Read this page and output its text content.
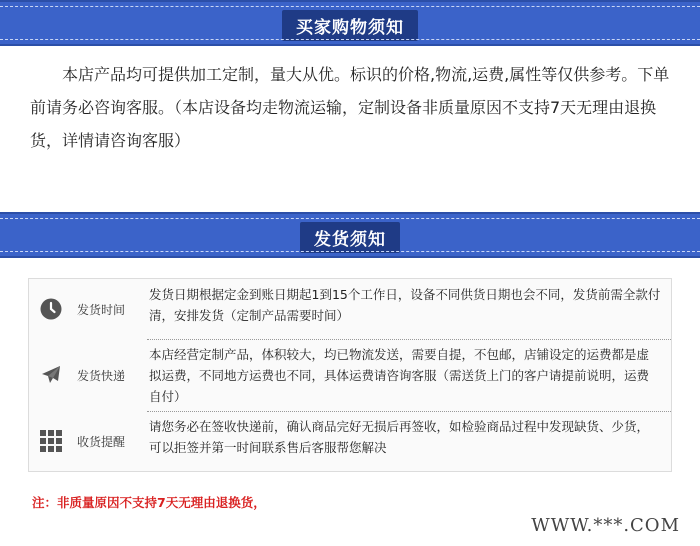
买家购物须知
本店产品均可提供加工定制，量大从优。标识的价格,物流,运费,属性等仅供参考。下单前请务必咨询客服。（本店设备均走物流运输，定制设备非质量原因不支持7天无理由退换货，详情请咨询客服）
发货须知
发货时间
发货日期根据定金到账日期起1到15个工作日，设备不同供货日期也会不同，发货前需全款付清，安排发货（定制产品需要时间）
发货快递
本店经营定制产品，体积较大，均已物流发送，需要自提，不包邮，店铺设定的运费都是虚拟运费，不同地方运费也不同，具体运费请咨询客服（需送货上门的客户请提前说明，运费自付）
收货提醒
请您务必在签收快递前，确认商品完好无损后再签收，如检验商品过程中发现缺货、少货，可以拒签并第一时间联系售后客服帮您解决
注：非质量原因不支持7天无理由退换货，
WWW.***.COM
